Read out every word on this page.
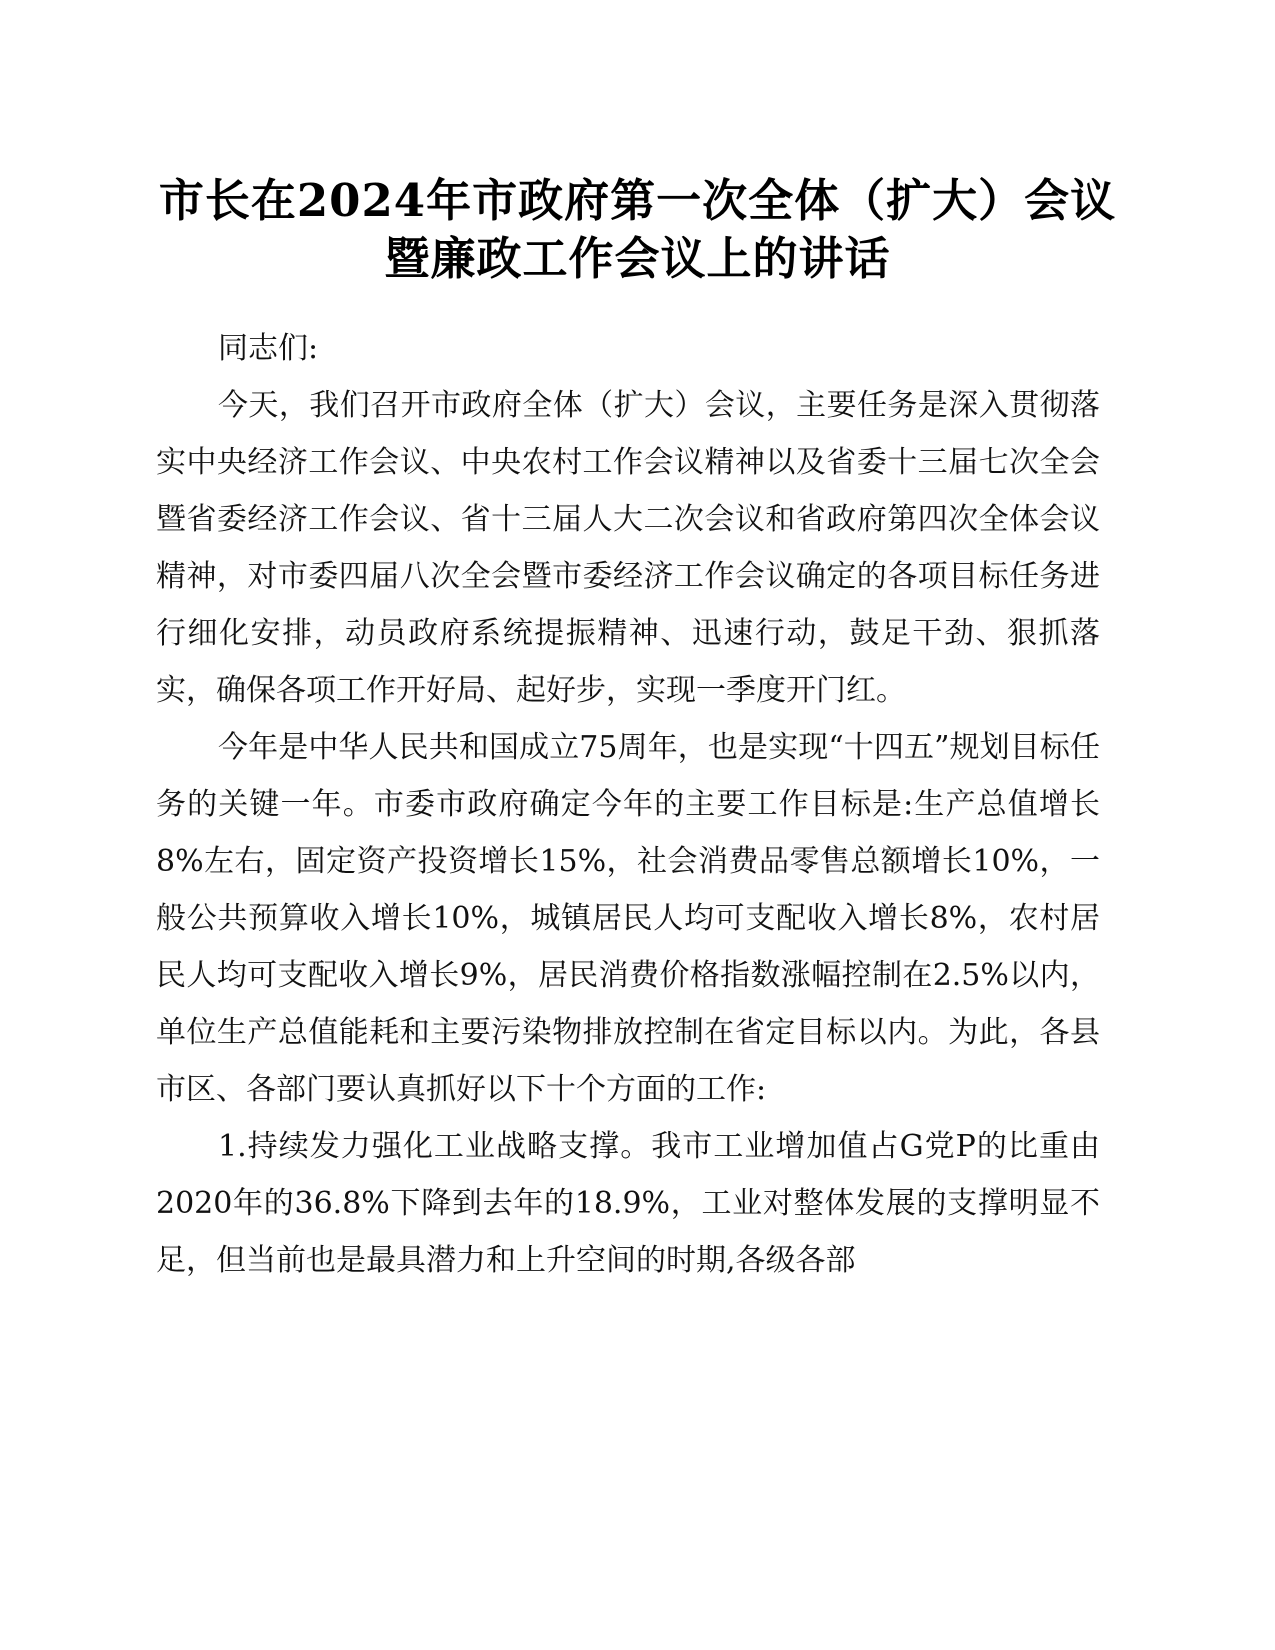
市长在2024年市政府第一次全体（扩大）会议
暨廉政工作会议上的讲话

同志们:

今天，我们召开市政府全体（扩大）会议，主要任务是深入贯彻落实中央经济工作会议、中央农村工作会议精神以及省委十三届七次全会暨省委经济工作会议、省十三届人大二次会议和省政府第四次全体会议精神，对市委四届八次全会暨市委经济工作会议确定的各项目标任务进行细化安排，动员政府系统提振精神、迅速行动，鼓足干劲、狠抓落实，确保各项工作开好局、起好步，实现一季度开门红。

今年是中华人民共和国成立75周年，也是实现“十四五”规划目标任务的关键一年。市委市政府确定今年的主要工作目标是:生产总值增长8%左右，固定资产投资增长15%，社会消费品零售总额增长10%，一般公共预算收入增长10%，城镇居民人均可支配收入增长8%，农村居民人均可支配收入增长9%，居民消费价格指数涨幅控制在2.5%以内，单位生产总值能耗和主要污染物排放控制在省定目标以内。为此，各县市区、各部门要认真抓好以下十个方面的工作:

1.持续发力强化工业战略支撑。我市工业增加值占G党P的比重由2020年的36.8%下降到去年的18.9%，工业对整体发展的支撑明显不足，但当前也是最具潜力和上升空间的时期,各级各部
